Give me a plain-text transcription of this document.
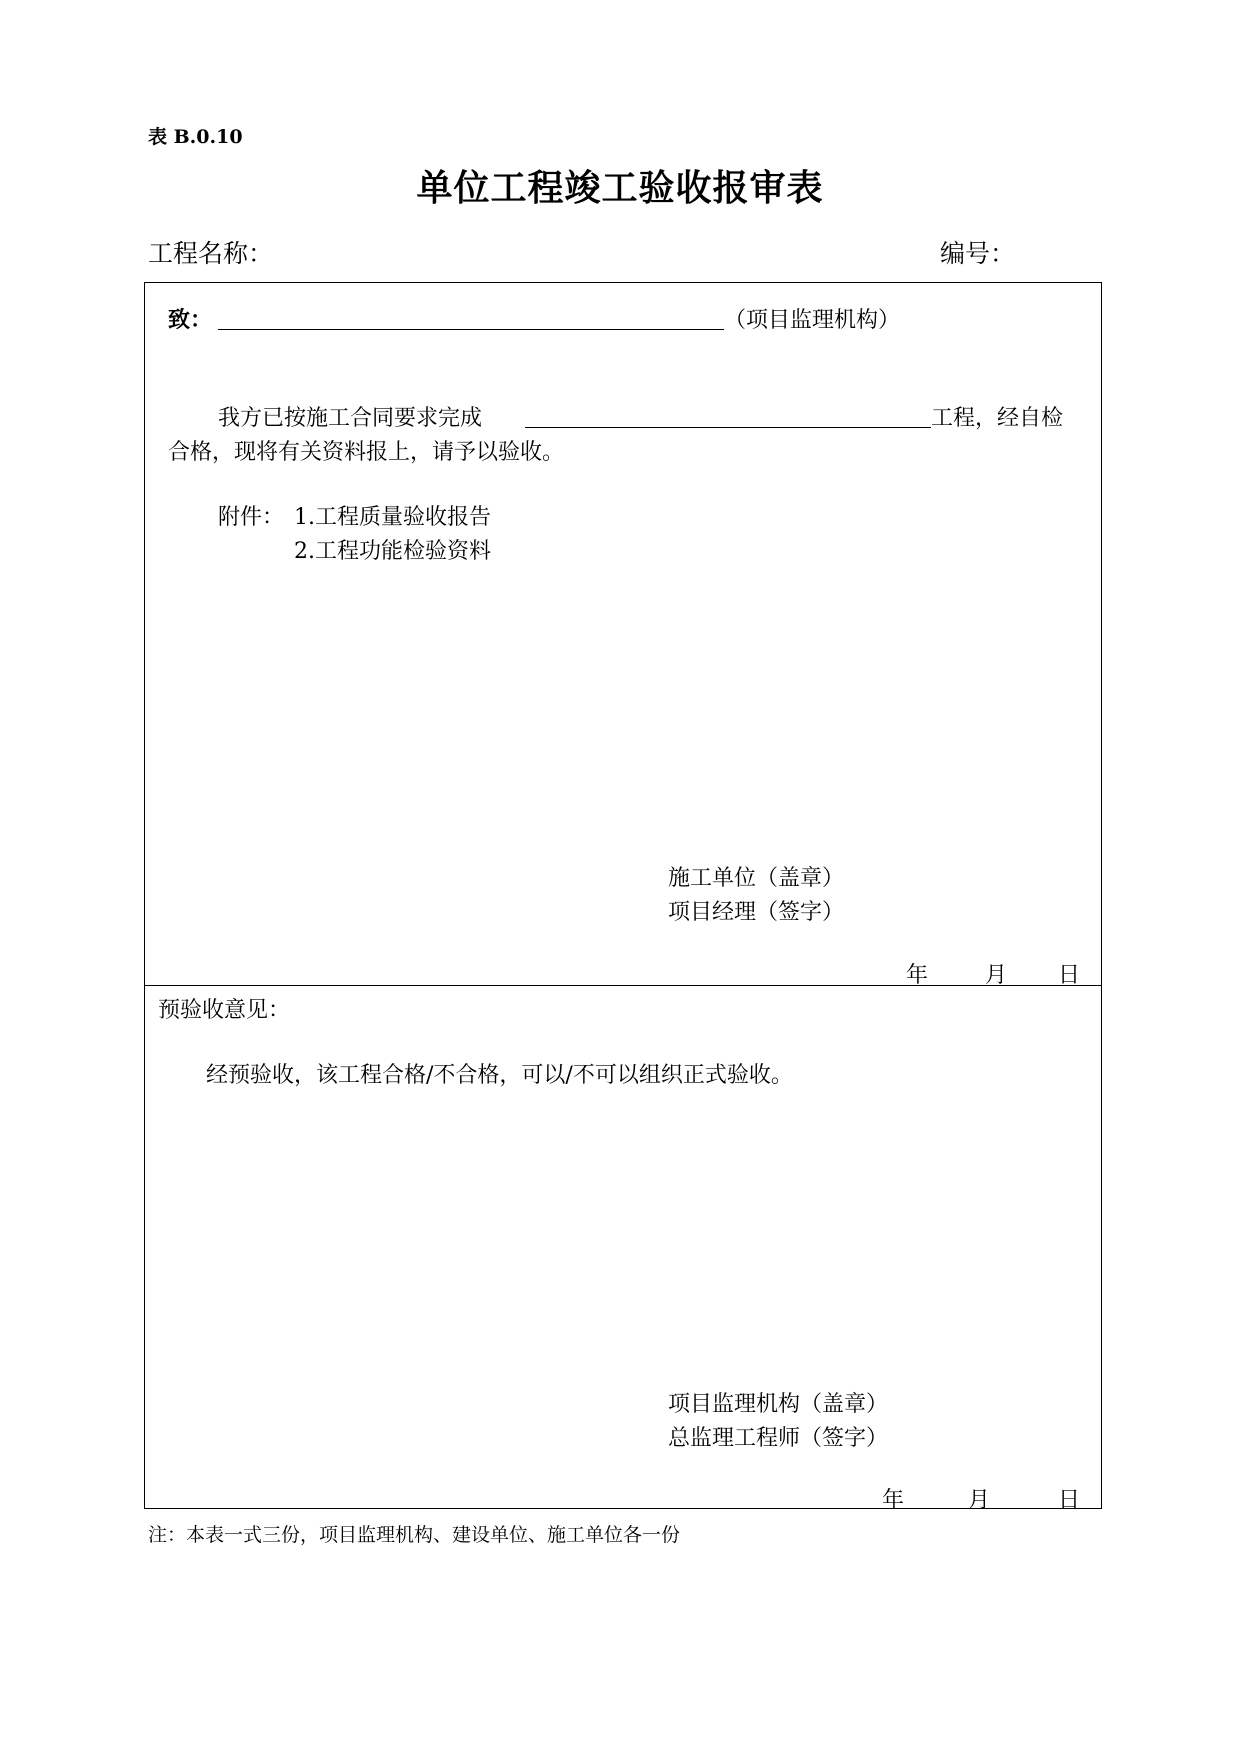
表 B.0.10
单位工程竣工验收报审表
工程名称：	编号：
致：	（项目监理机构）
我方已按施工合同要求完成	工程，经自检
合格，现将有关资料报上，请予以验收。
附件： 1.工程质量验收报告
2.工程功能检验资料
施工单位（盖章）
项目经理（签字）
年	月 日
预验收意见：
经预验收，该工程合格/不合格，可以/不可以组织正式验收。
项目监理机构（盖章）
总监理工程师（签字）
年	月	日
注：本表一式三份，项目监理机构、建设单位、施工单位各一份
